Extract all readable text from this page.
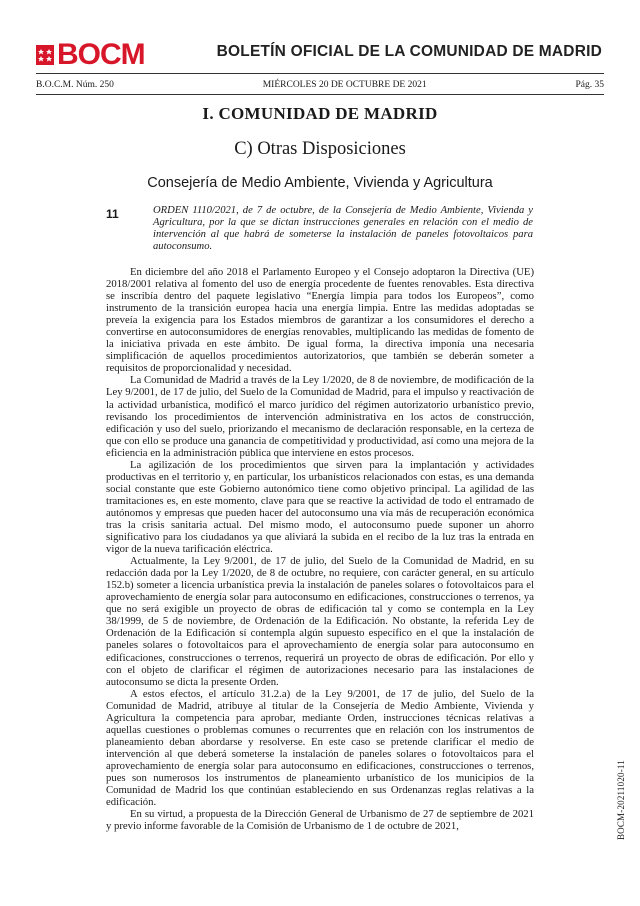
BOCM	BOLETÍN OFICIAL DE LA COMUNIDAD DE MADRID
B.O.C.M. Núm. 250	MIÉRCOLES 20 DE OCTUBRE DE 2021	Pág. 35
I. COMUNIDAD DE MADRID
C) Otras Disposiciones
Consejería de Medio Ambiente, Vivienda y Agricultura
11	ORDEN 1110/2021, de 7 de octubre, de la Consejería de Medio Ambiente, Vivienda y Agricultura, por la que se dictan instrucciones generales en relación con el medio de intervención al que habrá de someterse la instalación de paneles fotovoltaicos para autoconsumo.

En diciembre del año 2018 el Parlamento Europeo y el Consejo adoptaron la Directiva (UE) 2018/2001 relativa al fomento del uso de energía procedente de fuentes renovables. Esta directiva se inscribía dentro del paquete legislativo “Energía limpia para todos los Europeos”, como instrumento de la transición europea hacia una energía limpia. Entre las medidas adoptadas se preveía la exigencia para los Estados miembros de garantizar a los consumidores el derecho a convertirse en autoconsumidores de energías renovables, multiplicando las medidas de fomento de la iniciativa privada en este ámbito. De igual forma, la directiva imponía una necesaria simplificación de aquellos procedimientos autorizatorios, que también se deberán someter a requisitos de proporcionalidad y necesidad.

La Comunidad de Madrid a través de la Ley 1/2020, de 8 de noviembre, de modificación de la Ley 9/2001, de 17 de julio, del Suelo de la Comunidad de Madrid, para el impulso y reactivación de la actividad urbanística, modificó el marco jurídico del régimen autorizatorio urbanístico previo, revisando los procedimientos de intervención administrativa en los actos de construcción, edificación y uso del suelo, priorizando el mecanismo de declaración responsable, en la certeza de que con ello se produce una ganancia de competitividad y productividad, así como una mejora de la eficiencia en la administración pública que interviene en estos procesos.

La agilización de los procedimientos que sirven para la implantación y actividades productivas en el territorio y, en particular, los urbanísticos relacionados con estas, es una demanda social constante que este Gobierno autonómico tiene como objetivo principal. La agilidad de las tramitaciones es, en este momento, clave para que se reactive la actividad de todo el entramado de autónomos y empresas que pueden hacer del autoconsumo una vía más de recuperación económica tras la crisis sanitaria actual. Del mismo modo, el autoconsumo puede suponer un ahorro significativo para los ciudadanos ya que aliviará la subida en el recibo de la luz tras la entrada en vigor de la nueva tarificación eléctrica.

Actualmente, la Ley 9/2001, de 17 de julio, del Suelo de la Comunidad de Madrid, en su redacción dada por la Ley 1/2020, de 8 de octubre, no requiere, con carácter general, en su artículo 152.b) someter a licencia urbanística previa la instalación de paneles solares o fotovoltaicos para el aprovechamiento de energía solar para autoconsumo en edificaciones, construcciones o terrenos, ya que no será exigible un proyecto de obras de edificación tal y como se contempla en la Ley 38/1999, de 5 de noviembre, de Ordenación de la Edificación. No obstante, la referida Ley de Ordenación de la Edificación sí contempla algún supuesto específico en el que la instalación de paneles solares o fotovoltaicos para el aprovechamiento de energía solar para autoconsumo en edificaciones, construcciones o terrenos, requerirá un proyecto de obras de edificación. Por ello y con el objeto de clarificar el régimen de autorizaciones necesario para las instalaciones de autoconsumo se dicta la presente Orden.

A estos efectos, el artículo 31.2.a) de la Ley 9/2001, de 17 de julio, del Suelo de la Comunidad de Madrid, atribuye al titular de la Consejería de Medio Ambiente, Vivienda y Agricultura la competencia para aprobar, mediante Orden, instrucciones técnicas relativas a aquellas cuestiones o problemas comunes o recurrentes que en relación con los instrumentos de planeamiento deban abordarse y resolverse. En este caso se pretende clarificar el medio de intervención al que deberá someterse la instalación de paneles solares o fotovoltaicos para el aprovechamiento de energía solar para autoconsumo en edificaciones, construcciones o terrenos, pues son numerosos los instrumentos de planeamiento urbanístico de los municipios de la Comunidad de Madrid los que continúan estableciendo en sus Ordenanzas reglas relativas a la edificación.

En su virtud, a propuesta de la Dirección General de Urbanismo de 27 de septiembre de 2021 y previo informe favorable de la Comisión de Urbanismo de 1 de octubre de 2021,	BOCM-20211020-11
